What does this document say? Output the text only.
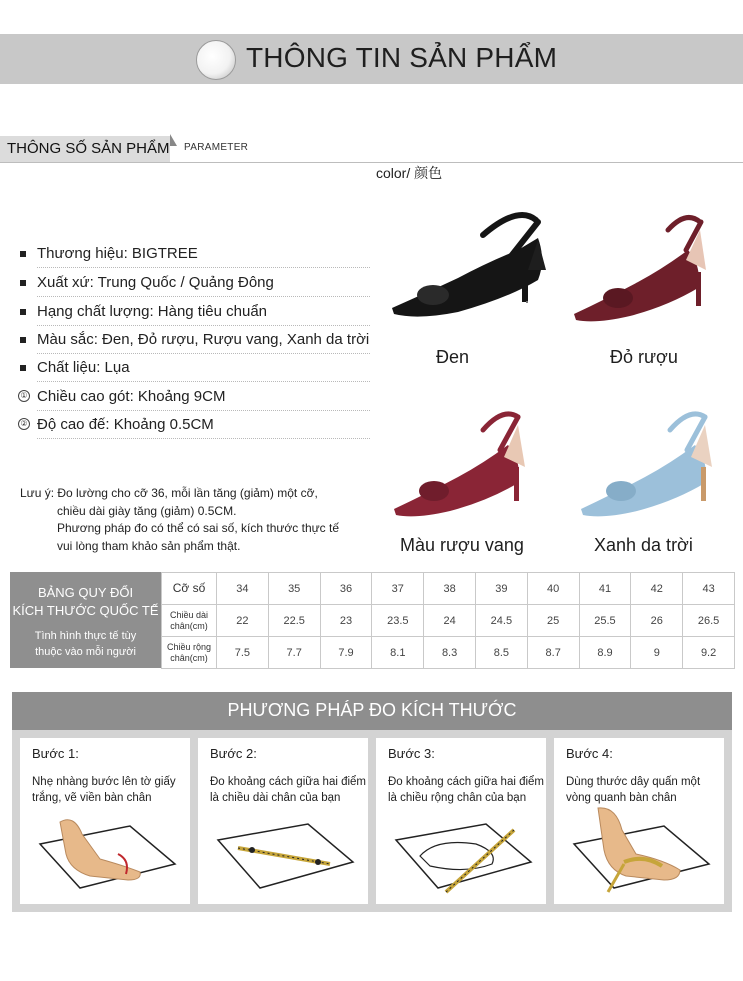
THÔNG TIN SẢN PHẨM
THÔNG SỐ SẢN PHẨM PARAMETER
color/ 颜色
Thương hiệu: BIGTREE
Xuất xứ: Trung Quốc / Quảng Đông
Hạng chất lượng: Hàng tiêu chuẩn
Màu sắc: Đen, Đỏ rượu, Rượu vang, Xanh da trời
Chất liệu: Lụa
① Chiều cao gót: Khoảng 9CM
② Độ cao đế: Khoảng 0.5CM
Lưu ý: Đo lường cho cỡ 36, mỗi lần tăng (giảm) một cỡ,
chiều dài giày tăng (giảm) 0.5CM.
Phương pháp đo có thể có sai số, kích thước thực tế
vui lòng tham khảo sản phẩm thật.
Đen	Đỏ rượu
Màu rượu vang	Xanh da trời
BẢNG QUY ĐỔI
KÍCH THƯỚC QUỐC TẾ
Tình hình thực tế tùy
thuộc vào mỗi người
Cỡ số	34	35	36	37	38	39	40	41	42	43

Chiều dài
chân(cm)	22	22.5	23	23.5	24	24.5	25	25.5	26	26.5

Chiều rộng
chân(cm)	7.5	7.7	7.9	8.1	8.3	8.5	8.7	8.9	9	9.2
PHƯƠNG PHÁP ĐO KÍCH THƯỚC
Bước 1:
Nhẹ nhàng bước lên tờ giấy
trắng, vẽ viền bàn chân
Bước 2:
Đo khoảng cách giữa hai điểm
là chiều dài chân của bạn
Bước 3:
Đo khoảng cách giữa hai điểm
là chiều rộng chân của bạn
Bước 4:
Dùng thước dây quấn một
vòng quanh bàn chân
